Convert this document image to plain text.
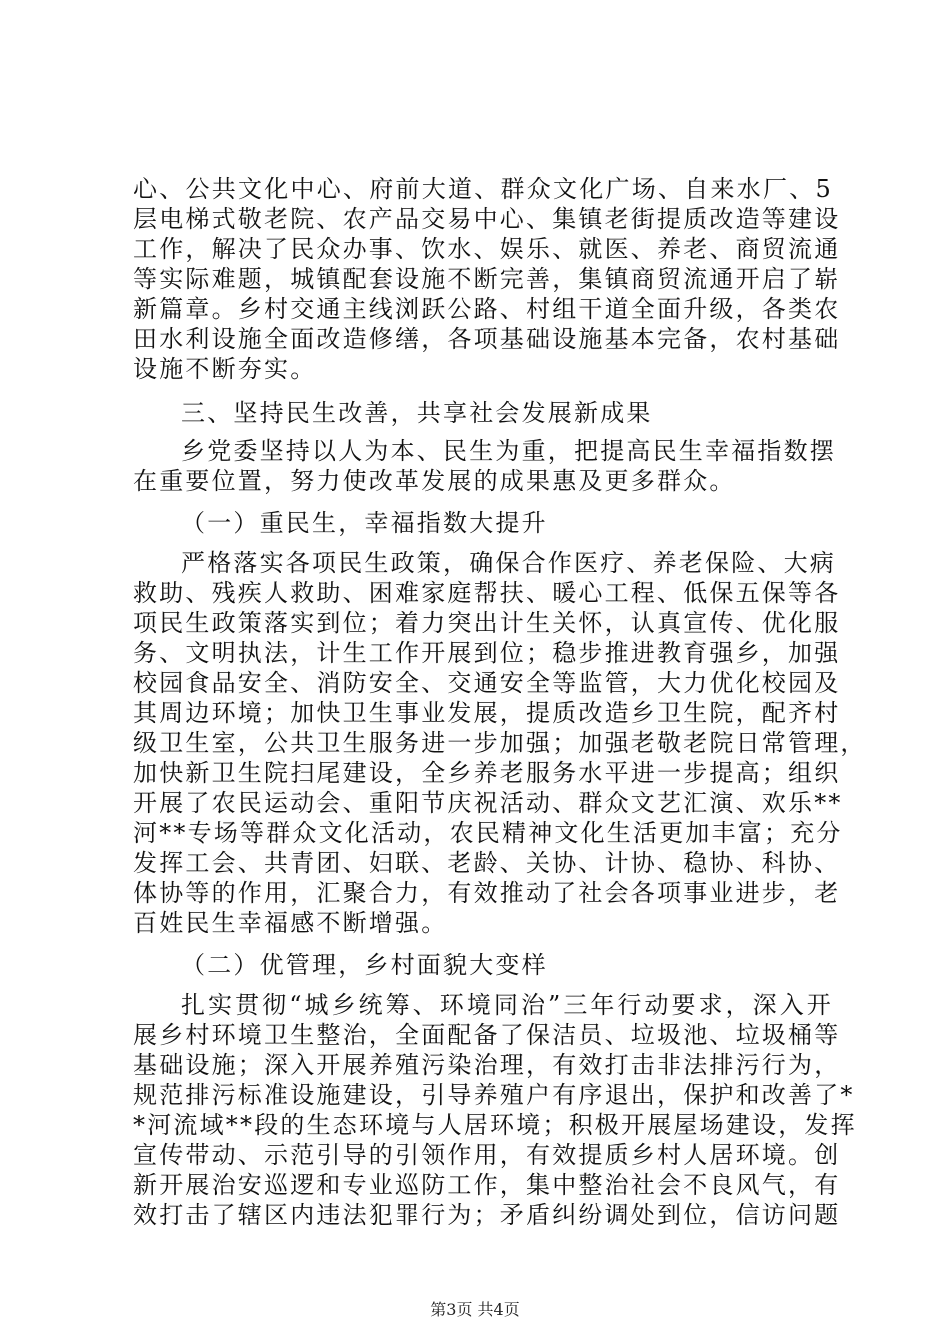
心、公共文化中心、府前大道、群众文化广场、自来水厂、5
层电梯式敬老院、农产品交易中心、集镇老街提质改造等建设
工作，解决了民众办事、饮水、娱乐、就医、养老、商贸流通
等实际难题，城镇配套设施不断完善，集镇商贸流通开启了崭
新篇章。乡村交通主线浏跃公路、村组干道全面升级，各类农
田水利设施全面改造修缮，各项基础设施基本完备，农村基础
设施不断夯实。
三、坚持民生改善，共享社会发展新成果
乡党委坚持以人为本、民生为重，把提高民生幸福指数摆
在重要位置，努力使改革发展的成果惠及更多群众。
（一）重民生，幸福指数大提升
严格落实各项民生政策，确保合作医疗、养老保险、大病
救助、残疾人救助、困难家庭帮扶、暖心工程、低保五保等各
项民生政策落实到位；着力突出计生关怀，认真宣传、优化服
务、文明执法，计生工作开展到位；稳步推进教育强乡，加强
校园食品安全、消防安全、交通安全等监管，大力优化校园及
其周边环境；加快卫生事业发展，提质改造乡卫生院，配齐村
级卫生室，公共卫生服务进一步加强；加强老敬老院日常管理，
加快新卫生院扫尾建设，全乡养老服务水平进一步提高；组织
开展了农民运动会、重阳节庆祝活动、群众文艺汇演、欢乐**
河**专场等群众文化活动，农民精神文化生活更加丰富；充分
发挥工会、共青团、妇联、老龄、关协、计协、稳协、科协、
体协等的作用，汇聚合力，有效推动了社会各项事业进步，老
百姓民生幸福感不断增强。
（二）优管理，乡村面貌大变样
扎实贯彻“城乡统筹、环境同治”三年行动要求，深入开
展乡村环境卫生整治，全面配备了保洁员、垃圾池、垃圾桶等
基础设施；深入开展养殖污染治理，有效打击非法排污行为，
规范排污标准设施建设，引导养殖户有序退出，保护和改善了*
*河流域**段的生态环境与人居环境；积极开展屋场建设，发挥
宣传带动、示范引导的引领作用，有效提质乡村人居环境。创
新开展治安巡逻和专业巡防工作，集中整治社会不良风气，有
效打击了辖区内违法犯罪行为；矛盾纠纷调处到位，信访问题
第3页 共4页
